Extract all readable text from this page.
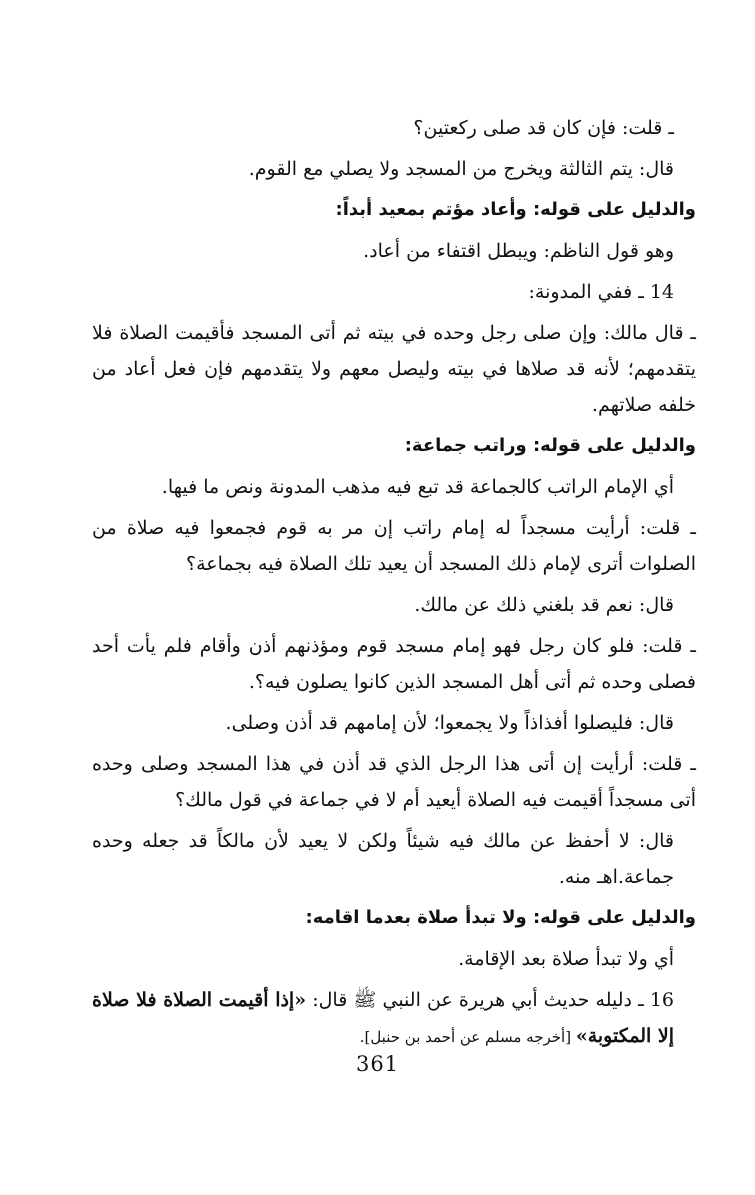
ـ قلت: فإن كان قد صلى ركعتين؟

قال: يتم الثالثة ويخرج من المسجد ولا يصلي مع القوم.

والدليل على قوله: وأعاد مؤتم بمعيد أبداً:

وهو قول الناظم: ويبطل اقتفاء من أعاد.

14 ـ ففي المدونة:

ـ قال مالك: وإن صلى رجل وحده في بيته ثم أتى المسجد فأقيمت الصلاة فلا يتقدمهم؛ لأنه قد صلاها في بيته وليصل معهم ولا يتقدمهم فإن فعل أعاد من خلفه صلاتهم.

والدليل على قوله: وراتب جماعة:

أي الإمام الراتب كالجماعة قد تبع فيه مذهب المدونة ونص ما فيها.

ـ قلت: أرأيت مسجداً له إمام راتب إن مر به قوم فجمعوا فيه صلاة من الصلوات أترى لإمام ذلك المسجد أن يعيد تلك الصلاة فيه بجماعة؟

قال: نعم قد بلغني ذلك عن مالك.

ـ قلت: فلو كان رجل فهو إمام مسجد قوم ومؤذنهم أذن وأقام فلم يأت أحد فصلى وحده ثم أتى أهل المسجد الذين كانوا يصلون فيه؟.

قال: فليصلوا أفذاذاً ولا يجمعوا؛ لأن إمامهم قد أذن وصلى.

ـ قلت: أرأيت إن أتى هذا الرجل الذي قد أذن في هذا المسجد وصلى وحده أتى مسجداً أقيمت فيه الصلاة أيعيد أم لا في جماعة في قول مالك؟

قال: لا أحفظ عن مالك فيه شيئاً ولكن لا يعيد لأن مالكاً قد جعله وحده جماعة.اهـ منه.

والدليل على قوله: ولا تبدأ صلاة بعدما اقامه:

أي ولا تبدأ صلاة بعد الإقامة.

16 ـ دليله حديث أبي هريرة عن النبي ﷺ قال: «إذا أقيمت الصلاة فلا صلاة إلا المكتوبة» [أخرجه مسلم عن أحمد بن حنبل].

361
